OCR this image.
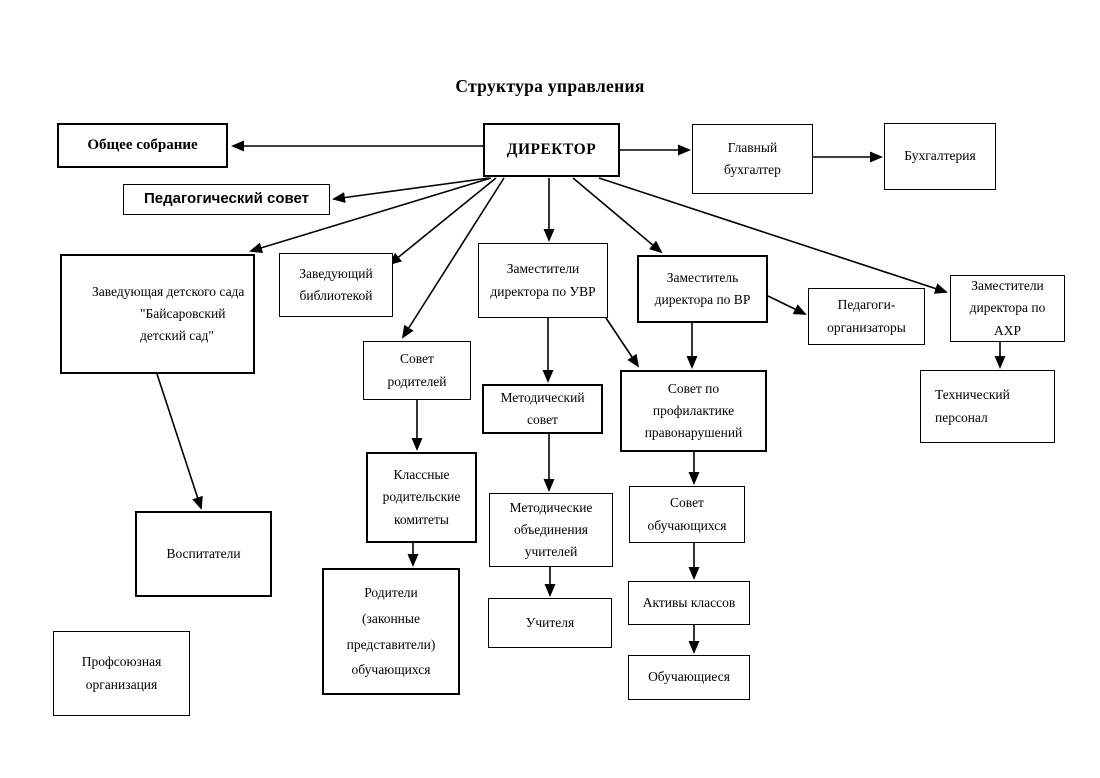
Структура управления
ДИРЕКТОР
Общее собрание
Педагогический совет
Главный бухгалтер
Бухгалтерия
Заведующая детского сада
"Байсаровский детский сад"
Заведующий библиотекой
Заместители директора по УВР
Заместитель директора по ВР	Педагоги-организаторы
Заместители директора по АХР
Технический персонал
Совет родителей
Методический совет
Совет по профилактике правонарушений
Классные родительские комитеты
Методические объединения учителей
Родители (законные представители) обучающихся
Учителя
Совет обучающихся
Активы классов
Обучающиеся
Воспитатели
Профсоюзная организация
